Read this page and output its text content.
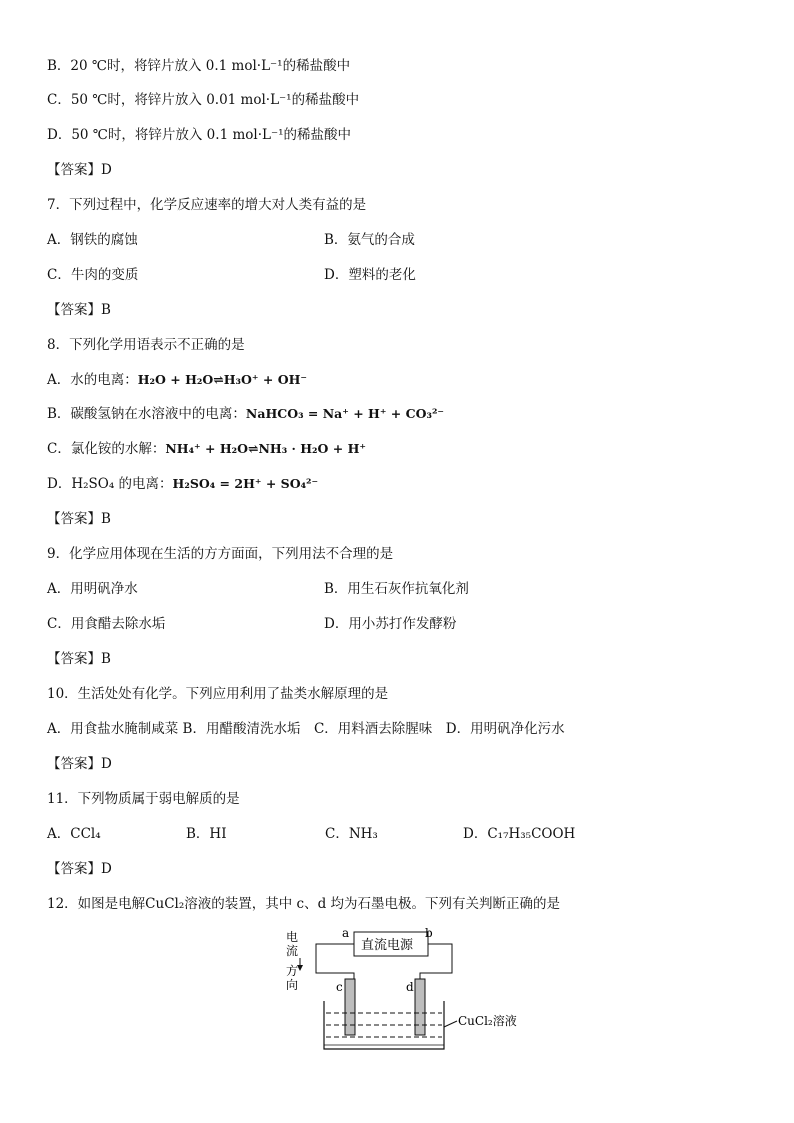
B．20 ℃时，将锌片放入 0.1 mol·L⁻¹的稀盐酸中
C．50 ℃时，将锌片放入 0.01 mol·L⁻¹的稀盐酸中
D．50 ℃时，将锌片放入 0.1 mol·L⁻¹的稀盐酸中
【答案】D
7．下列过程中，化学反应速率的增大对人类有益的是
A．钢铁的腐蚀	B．氨气的合成
C．牛肉的变质	D．塑料的老化
【答案】B
8．下列化学用语表示不正确的是
A．水的电离：H₂O + H₂O⇌H₃O⁺ + OH⁻
B．碳酸氢钠在水溶液中的电离：NaHCO₃ = Na⁺ + H⁺ + CO₃²⁻
C．氯化铵的水解：NH₄⁺ + H₂O⇌NH₃ · H₂O + H⁺
D．H₂SO₄ 的电离：H₂SO₄ = 2H⁺ + SO₄²⁻
【答案】B
9．化学应用体现在生活的方方面面，下列用法不合理的是
A．用明矾净水	B．用生石灰作抗氧化剂
C．用食醋去除水垢	D．用小苏打作发酵粉
【答案】B
10．生活处处有化学。下列应用利用了盐类水解原理的是
A．用食盐水腌制咸菜 B．用醋酸清洗水垢　C．用料酒去除腥味　D．用明矾净化污水
【答案】D
11．下列物质属于弱电解质的是
A．CCl₄	B．HI	C．NH₃	D．C₁₇H₃₅COOH
【答案】D
12．如图是电解CuCl₂溶液的装置，其中 c、d 均为石墨电极。下列有关判断正确的是
电
流
方
向
直流电源
a	b
c	d
CuCl₂溶液
